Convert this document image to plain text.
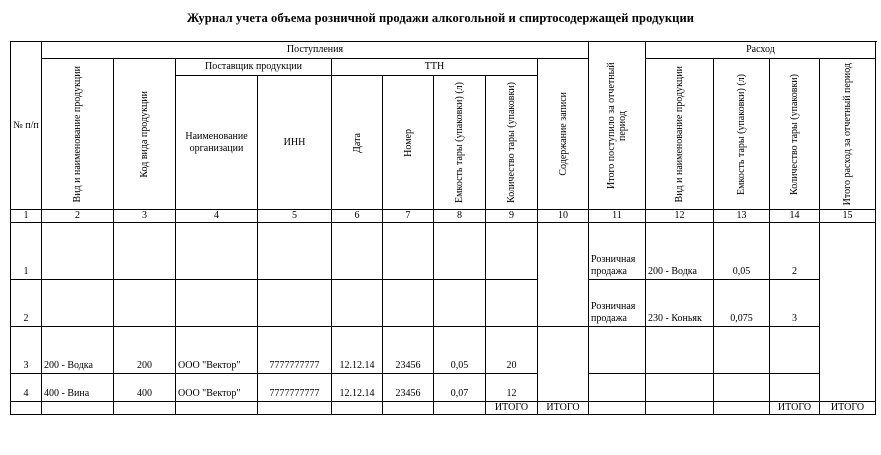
Журнал учета объема розничной продажи алкогольной и спиртосодержащей продукции
№ п/п	Поступления									Итого поступило за отчетный период	Расход			

	Вид и наименование продукции	Код вида продукции	Поставщик продукции		ТТН				Содержание записи		Вид и наименование продукции	Емкость тары (упаковки) (л)	Количество тары (упаковки)	Итого расход за отчетный период

			Наименование организации	ИНН	Дата	Номер	Емкость тары (упаковки) (л)	Количество тары (упаковки)						

1	2	3	4	5	6	7	8	9	10	11	12	13	14	15
1										Розничная продажа	200 - Водка	0,05	2	
2										Розничная продажа	230 - Коньяк	0,075	3	
3	200 - Водка	200	ООО "Вектор"	7777777777	12.12.14	23456	0,05	20						
4	400 - Вина	400	ООО "Вектор"	7777777777	12.12.14	23456	0,07	12						
								ИТОГО	ИТОГО				ИТОГО	ИТОГО
